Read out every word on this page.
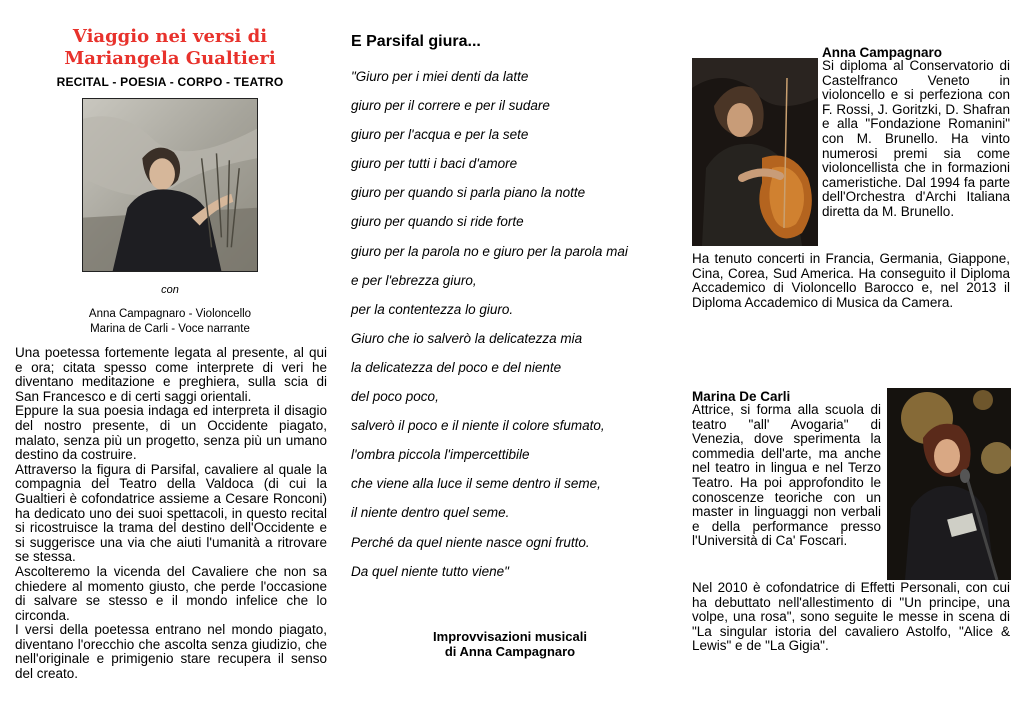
Viaggio nei versi di
Mariangela Gualtieri
RECITAL - POESIA - CORPO - TEATRO
con
Anna Campagnaro - Violoncello
Marina de Carli - Voce narrante

Una poetessa fortemente legata al presente, al qui e ora; citata spesso come interprete di veri he diventano meditazione e preghiera, sulla scia di San Francesco e di certi saggi orientali.

Eppure la sua poesia indaga ed interpreta il disagio del nostro presente, di un Occidente piagato, malato, senza più un progetto, senza più un umano destino da costruire.

Attraverso la figura di Parsifal, cavaliere al quale la compagnia del Teatro della Valdoca (di cui la Gualtieri è cofondatrice assieme a Cesare Ronconi) ha dedicato uno dei suoi spettacoli, in questo recital si ricostruisce la trama del destino dell'Occidente e si suggerisce una via che aiuti l'umanità a ritrovare se stessa.

Ascolteremo la vicenda del Cavaliere che non sa chiedere al momento giusto, che perde l'occasione di salvare se stesso e il mondo infelice che lo circonda.

I versi della poetessa entrano nel mondo piagato, diventano l'orecchio che ascolta senza giudizio, che nell'originale e primigenio stare recupera il senso del creato.

E Parsifal giura...
"Giuro per i miei denti da latte
giuro per il correre e per il sudare
giuro per l'acqua e per la sete
giuro per tutti i baci d'amore
giuro per quando si parla piano la notte
giuro per quando si ride forte
giuro per la parola no e giuro per la parola mai
e per l'ebrezza giuro,
per la contentezza lo giuro.
Giuro che io salverò la delicatezza mia
la delicatezza del poco e del niente
del poco poco,
salverò il poco e il niente il colore sfumato,
l'ombra piccola l'impercettibile
che viene alla luce il seme dentro il seme,
il niente dentro quel seme.
Perché da quel niente nasce ogni frutto.
Da quel niente tutto viene"
Improvvisazioni musicali
di Anna Campagnaro
Anna Campagnaro
Si diploma al Conservatorio di Castelfranco Veneto in violoncello e si perfeziona con F. Rossi, J. Goritzki, D. Shafran e alla "Fondazione Romanini" con M. Brunello. Ha vinto numerosi premi sia come violoncellista che in formazioni cameristiche. Dal 1994 fa parte dell'Orchestra d'Archi Italiana diretta da M. Brunello.
Ha tenuto concerti in Francia, Germania, Giappone, Cina, Corea, Sud America. Ha conseguito il Diploma Accademico di Violoncello Barocco e, nel 2013 il Diploma Accademico di Musica da Camera.
Marina De Carli
Attrice, si forma alla scuola di teatro "all' Avogaria" di Venezia, dove sperimenta la commedia dell'arte, ma anche nel teatro in lingua e nel Terzo Teatro. Ha poi approfondito le conoscenze teoriche con un master in linguaggi non verbali e della performance presso l'Università di Ca' Foscari.
Nel 2010 è cofondatrice di Effetti Personali, con cui ha debuttato nell'allestimento di "Un principe, una volpe, una rosa", sono seguite le messe in scena di "La singular istoria del cavaliero Astolfo, "Alice & Lewis" e de "La Gigia".
